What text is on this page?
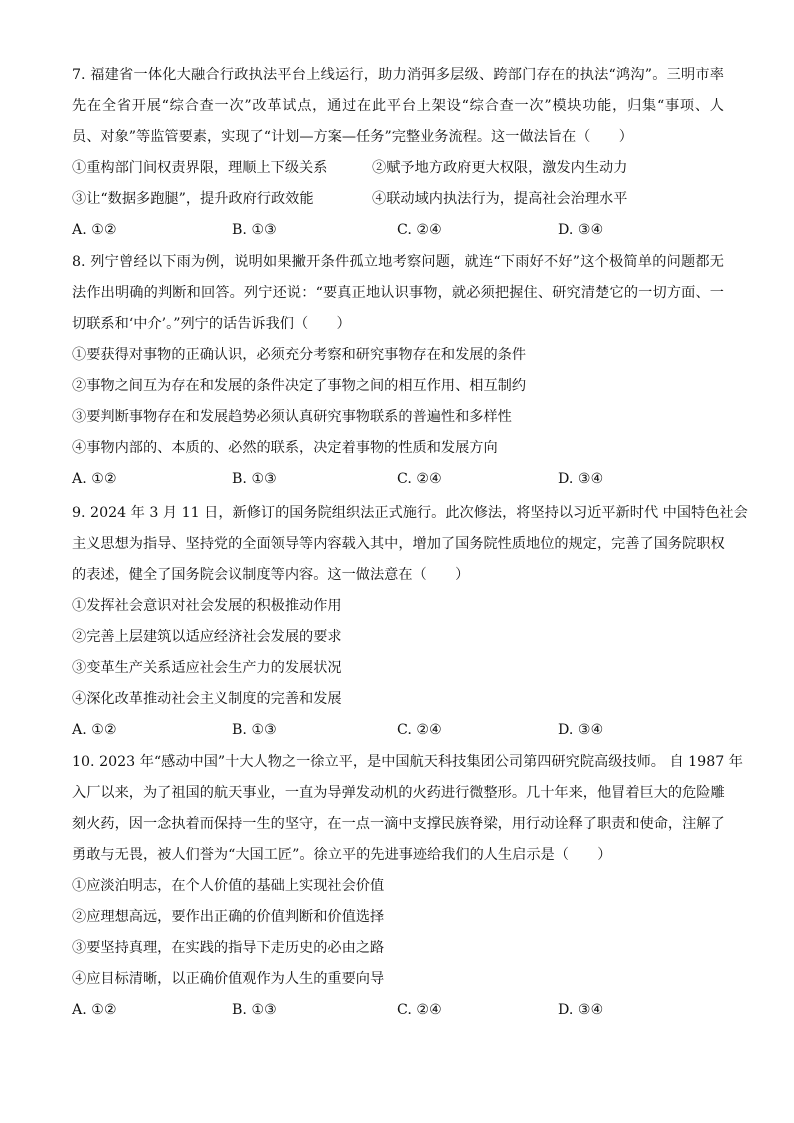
7. 福建省一体化大融合行政执法平台上线运行，助力消弭多层级、跨部门存在的执法“鸿沟”。三明市率
先在全省开展“综合查一次”改革试点，通过在此平台上架设“综合查一次”模块功能，归集“事项、人
员、对象”等监管要素，实现了“计划—方案—任务”完整业务流程。这一做法旨在（　　）
①重构部门间权责界限，理顺上下级关系	②赋予地方政府更大权限，激发内生动力
③让“数据多跑腿”，提升政府行政效能	④联动域内执法行为，提高社会治理水平
A. ①②	B. ①③	C. ②④	D. ③④
8. 列宁曾经以下雨为例，说明如果撇开条件孤立地考察问题，就连“下雨好不好”这个极简单的问题都无
法作出明确的判断和回答。列宁还说：“要真正地认识事物，就必须把握住、研究清楚它的一切方面、一
切联系和‘中介’。”列宁的话告诉我们（　　）
①要获得对事物的正确认识，必须充分考察和研究事物存在和发展的条件
②事物之间互为存在和发展的条件决定了事物之间的相互作用、相互制约
③要判断事物存在和发展趋势必须认真研究事物联系的普遍性和多样性
④事物内部的、本质的、必然的联系，决定着事物的性质和发展方向
A. ①②	B. ①③	C. ②④	D. ③④
9. 2024 年 3 月 11 日，新修订的国务院组织法正式施行。此次修法，将坚持以习近平新时代 中国特色社会
主义思想为指导、坚持党的全面领导等内容载入其中，增加了国务院性质地位的规定，完善了国务院职权
的表述，健全了国务院会议制度等内容。这一做法意在（　　）
①发挥社会意识对社会发展的积极推动作用
②完善上层建筑以适应经济社会发展的要求
③变革生产关系适应社会生产力的发展状况
④深化改革推动社会主义制度的完善和发展
A. ①②	B. ①③	C. ②④	D. ③④
10. 2023 年“感动中国”十大人物之一徐立平，是中国航天科技集团公司第四研究院高级技师。 自 1987 年
入厂以来，为了祖国的航天事业，一直为导弹发动机的火药进行微整形。几十年来，他冒着巨大的危险雕
刻火药，因一念执着而保持一生的坚守，在一点一滴中支撑民族脊梁，用行动诠释了职责和使命，注解了
勇敢与无畏，被人们誉为“大国工匠”。徐立平的先进事迹给我们的人生启示是（　　）
①应淡泊明志，在个人价值的基础上实现社会价值
②应理想高远，要作出正确的价值判断和价值选择
③要坚持真理，在实践的指导下走历史的必由之路
④应目标清晰，以正确价值观作为人生的重要向导
A. ①②	B. ①③	C. ②④	D. ③④
